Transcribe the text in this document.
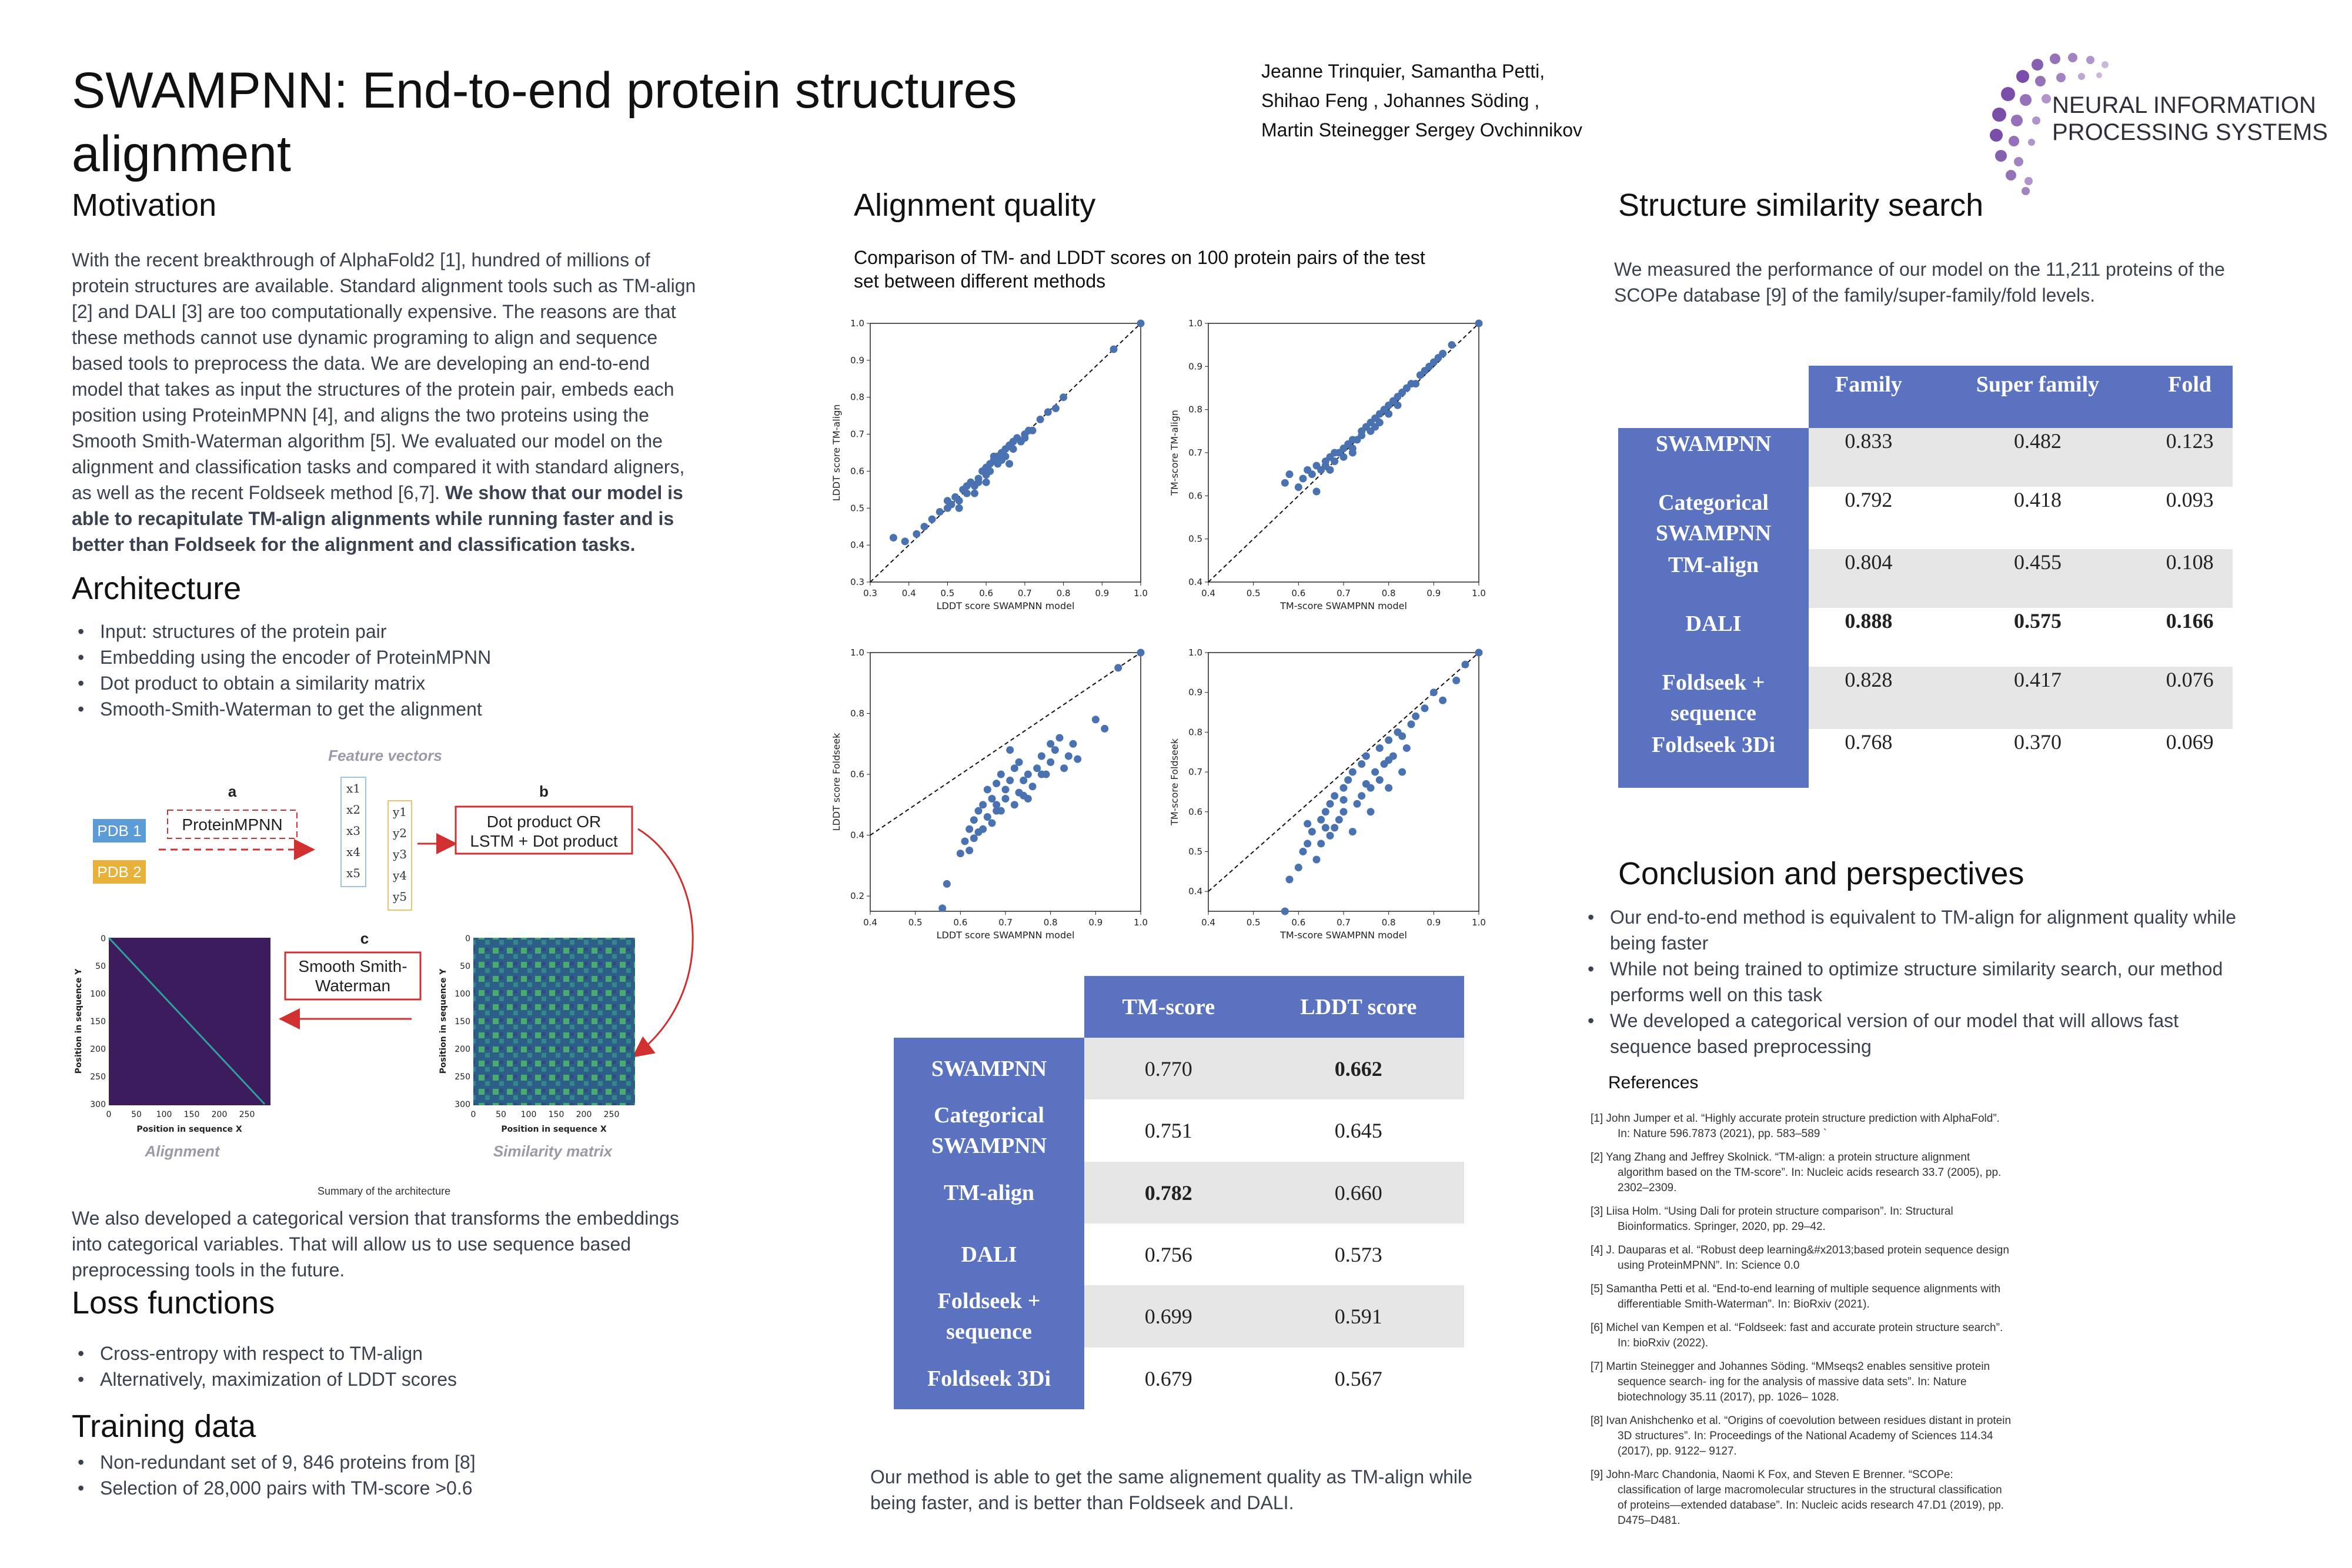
SWAMPNN: End-to-end protein structures alignment
Jeanne Trinquier, Samantha Petti,
Shihao Feng , Johannes Söding ,
Martin Steinegger Sergey Ovchinnikov
NEURAL INFORMATION
PROCESSING SYSTEMS
Motivation
With the recent breakthrough of AlphaFold2 [1], hundred of millions of protein structures are available. Standard alignment tools such as TM-align [2] and DALI [3] are too computationally expensive. The reasons are that these methods cannot use dynamic programing to align and sequence based tools to preprocess the data. We are developing an end-to-end model that takes as input the structures of the protein pair, embeds each position using ProteinMPNN [4], and aligns the two proteins using the Smooth Smith-Waterman algorithm [5]. We evaluated our model on the alignment and classification tasks and compared it with standard aligners, as well as the recent Foldseek method [6,7]. We show that our model is able to recapitulate TM-align alignments while running faster and is better than Foldseek for the alignment and classification tasks.
Architecture
• Input: structures of the protein pair
• Embedding using the encoder of ProteinMPNN
• Dot product to obtain a similarity matrix
• Smooth-Smith-Waterman to get the alignment
Feature vectors
a	b
c
PDB 1
PDB 2
ProteinMPNN
x1
x2
x3
x4
x5
y1
y2
y3
y4
y5
Dot product OR
LSTM + Dot product
Smooth Smith-
Waterman
0
50
100
150
200
250
300
0 50 100 150 200 250
Position in sequence X
Position in sequence Y
Alignment
0
50
100
150
200
250
300
0 50 100 150 200 250
Position in sequence X
Position in sequence Y
Similarity matrix
Summary of the architecture
We also developed a categorical version that transforms the embeddings into categorical variables. That will allow us to use sequence based preprocessing tools in the future.
Loss functions
• Cross-entropy with respect to TM-align
• Alternatively, maximization of LDDT scores
Training data
• Non-redundant set of 9, 846 proteins from [8]
• Selection of 28,000 pairs with TM-score >0.6
Alignment quality
Comparison of TM- and LDDT scores on 100 protein pairs of the test set between different methods
0.3	0.4	0.5	0.6	0.7	0.8	0.9	1.0
0.3
0.4
0.5
0.6
0.7
0.8
0.9
1.0
LDDT score SWAMPNN model
LDDT score TM-align
0.4	0.5	0.6	0.7	0.8	0.9	1.0
0.4
0.5
0.6
0.7
0.8
0.9
1.0
TM-score SWAMPNN model
TM-score TM-align
0.4	0.5	0.6	0.7	0.8	0.9	1.0
0.2
0.4
0.6
0.8
1.0
LDDT score SWAMPNN model
LDDT score Foldseek
0.4	0.5	0.6	0.7	0.8	0.9	1.0
0.4
0.5
0.6
0.7
0.8
0.9
1.0
TM-score SWAMPNN model
TM-score Foldseek
	TM-score	LDDT score
SWAMPNN	0.770	0.662
Categorical SWAMPNN	0.751	0.645
TM-align	0.782	0.660
DALI	0.756	0.573
Foldseek + sequence	0.699	0.591
Foldseek 3Di	0.679	0.567
Our method is able to get the same alignement quality as TM-align while being faster, and is better than Foldseek and DALI.
Structure similarity search
We measured the performance of our model on the 11,211 proteins of the SCOPe database [9] of the family/super-family/fold levels.
	Family	Super family	Fold
SWAMPNN	0.833	0.482	0.123
Categorical SWAMPNN	0.792	0.418	0.093
TM-align	0.804	0.455	0.108
DALI	0.888	0.575	0.166
Foldseek + sequence	0.828	0.417	0.076
Foldseek 3Di	0.768	0.370	0.069
Conclusion and perspectives
• Our end-to-end method is equivalent to TM-align for alignment quality while being faster
• While not being trained to optimize structure similarity search, our method performs well on this task
• We developed a categorical version of our model that will allows fast sequence based preprocessing
References
[1] John Jumper et al. “Highly accurate protein structure prediction with AlphaFold”. In: Nature 596.7873 (2021), pp. 583–589 `
[2] Yang Zhang and Jeffrey Skolnick. “TM-align: a protein structure alignment algorithm based on the TM-score”. In: Nucleic acids research 33.7 (2005), pp. 2302–2309.
[3] Liisa Holm. “Using Dali for protein structure comparison”. In: Structural Bioinformatics. Springer, 2020, pp. 29–42.
[4] J. Dauparas et al. “Robust deep learning&#x2013;based protein sequence design using ProteinMPNN”. In: Science 0.0
[5] Samantha Petti et al. “End-to-end learning of multiple sequence alignments with differentiable Smith-Waterman”. In: BioRxiv (2021).
[6] Michel van Kempen et al. “Foldseek: fast and accurate protein structure search”. In: bioRxiv (2022).
[7] Martin Steinegger and Johannes Söding. “MMseqs2 enables sensitive protein sequence search- ing for the analysis of massive data sets”. In: Nature biotechnology 35.11 (2017), pp. 1026– 1028.
[8] Ivan Anishchenko et al. “Origins of coevolution between residues distant in protein 3D structures”. In: Proceedings of the National Academy of Sciences 114.34 (2017), pp. 9122– 9127.
[9] John-Marc Chandonia, Naomi K Fox, and Steven E Brenner. “SCOPe: classification of large macromolecular structures in the structural classification of proteins—extended database”. In: Nucleic acids research 47.D1 (2019), pp. D475–D481.
